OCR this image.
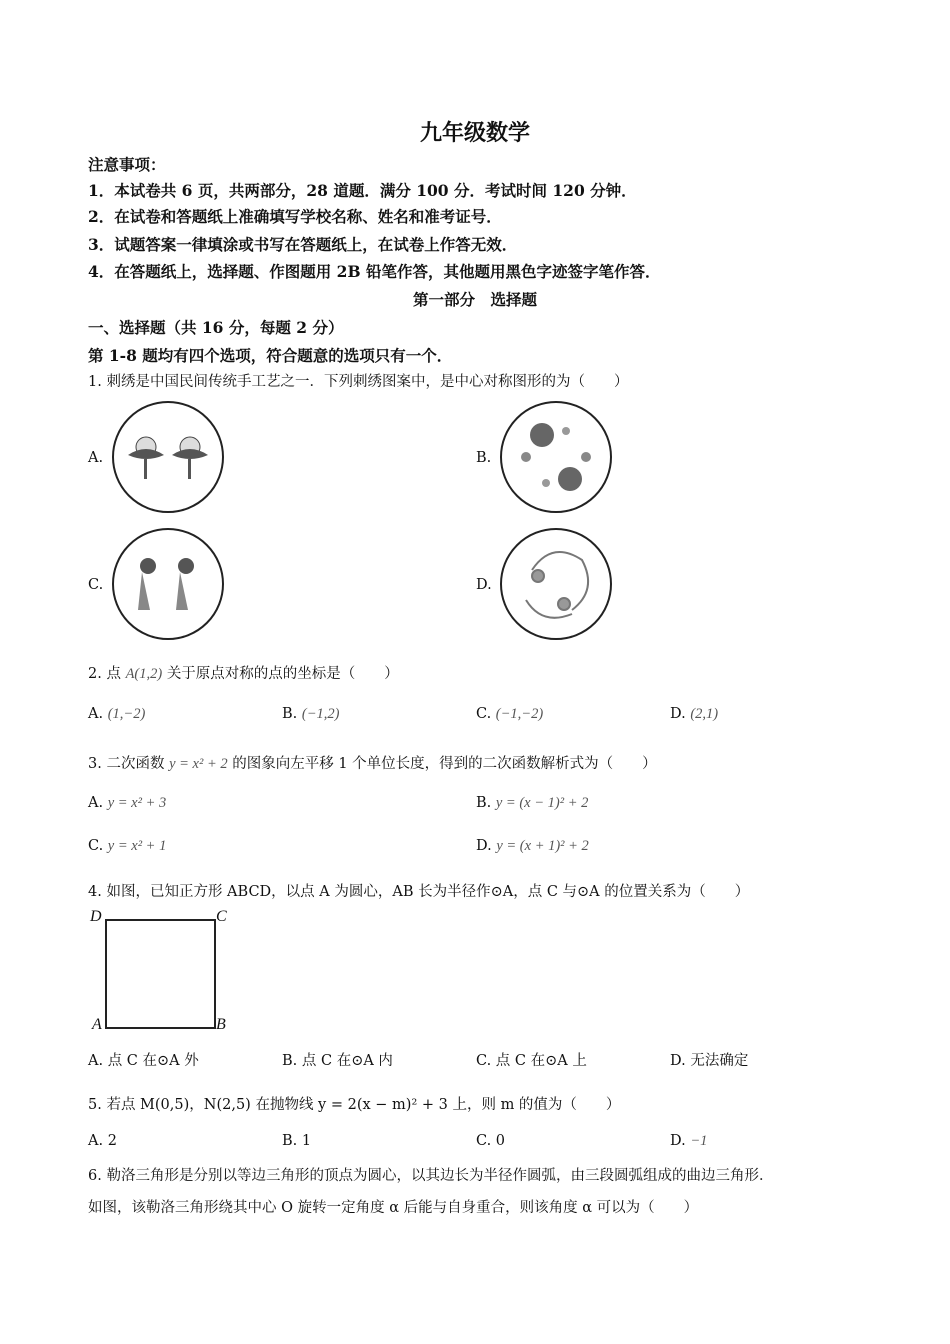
九年级数学
注意事项：
1．本试卷共 6 页，共两部分，28 道题．满分 100 分．考试时间 120 分钟．
2．在试卷和答题纸上准确填写学校名称、姓名和准考证号．
3．试题答案一律填涂或书写在答题纸上，在试卷上作答无效．
4．在答题纸上，选择题、作图题用 2B 铅笔作答，其他题用黑色字迹签字笔作答．
第一部分　选择题
一、选择题（共 16 分，每题 2 分）
第 1-8 题均有四个选项，符合题意的选项只有一个．
1. 刺绣是中国民间传统手工艺之一．下列刺绣图案中，是中心对称图形的为（　　）
A.	B.
C.	D.
2. 点 A(1,2) 关于原点对称的点的坐标是（　　）
A. (1,−2)	B. (−1,2)	C. (−1,−2)	D. (2,1)
3. 二次函数 y = x² + 2 的图象向左平移 1 个单位长度，得到的二次函数解析式为（　　）
A. y = x² + 3	B. y = (x − 1)² + 2
C. y = x² + 1	D. y = (x + 1)² + 2
4. 如图，已知正方形 ABCD，以点 A 为圆心，AB 长为半径作⊙A，点 C 与⊙A 的位置关系为（　　）
D	C
A	B
A. 点 C 在⊙A 外	B. 点 C 在⊙A 内	C. 点 C 在⊙A 上	D. 无法确定
5. 若点 M(0,5)，N(2,5) 在抛物线 y = 2(x − m)² + 3 上，则 m 的值为（　　）
A. 2	B. 1	C. 0	D. −1
6. 勒洛三角形是分别以等边三角形的顶点为圆心，以其边长为半径作圆弧，由三段圆弧组成的曲边三角形．
如图，该勒洛三角形绕其中心 O 旋转一定角度 α 后能与自身重合，则该角度 α 可以为（　　）
